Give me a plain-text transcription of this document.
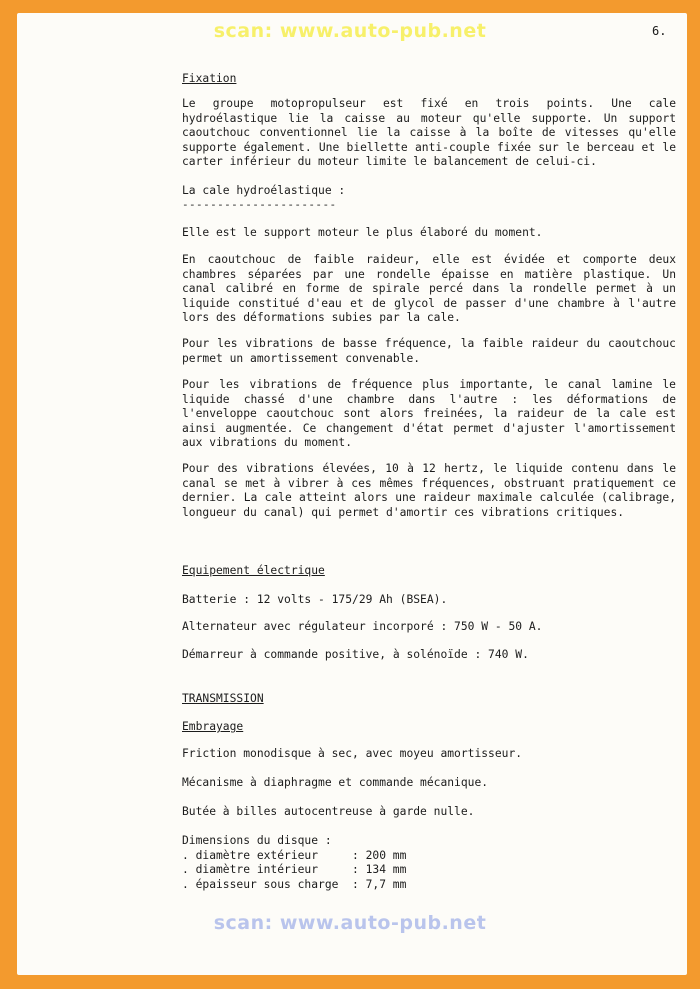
scan: www.auto-pub.net	6.
Fixation
Le groupe motopropulseur est fixé en trois points. Une cale hydroélastique lie la caisse au moteur qu'elle supporte. Un support caoutchouc conventionnel lie la caisse à la boîte de vitesses qu'elle supporte également. Une biellette anti-couple fixée sur le berceau et le carter inférieur du moteur limite le balancement de celui-ci.
La cale hydroélastique :
----------------------
Elle est le support moteur le plus élaboré du moment.
En caoutchouc de faible raideur, elle est évidée et comporte deux chambres séparées par une rondelle épaisse en matière plastique. Un canal calibré en forme de spirale percé dans la rondelle permet à un liquide constitué d'eau et de glycol de passer d'une chambre à l'autre lors des déformations subies par la cale.
Pour les vibrations de basse fréquence, la faible raideur du caoutchouc permet un amortissement convenable.
Pour les vibrations de fréquence plus importante, le canal lamine le liquide chassé d'une chambre dans l'autre : les déformations de l'enveloppe caoutchouc sont alors freinées, la raideur de la cale est ainsi augmentée. Ce changement d'état permet d'ajuster l'amortissement aux vibrations du moment.
Pour des vibrations élevées, 10 à 12 hertz, le liquide contenu dans le canal se met à vibrer à ces mêmes fréquences, obstruant pratiquement ce dernier. La cale atteint alors une raideur maximale calculée (calibrage, longueur du canal) qui permet d'amortir ces vibrations critiques.
Equipement électrique
Batterie : 12 volts - 175/29 Ah (BSEA).
Alternateur avec régulateur incorporé : 750 W - 50 A.
Démarreur à commande positive, à solénoïde : 740 W.
TRANSMISSION
Embrayage
Friction monodisque à sec, avec moyeu amortisseur.
Mécanisme à diaphragme et commande mécanique.
Butée à billes autocentreuse à garde nulle.
Dimensions du disque :
. diamètre extérieur	: 200 mm
. diamètre intérieur	: 134 mm
. épaisseur sous charge : 7,7 mm
scan: www.auto-pub.net
